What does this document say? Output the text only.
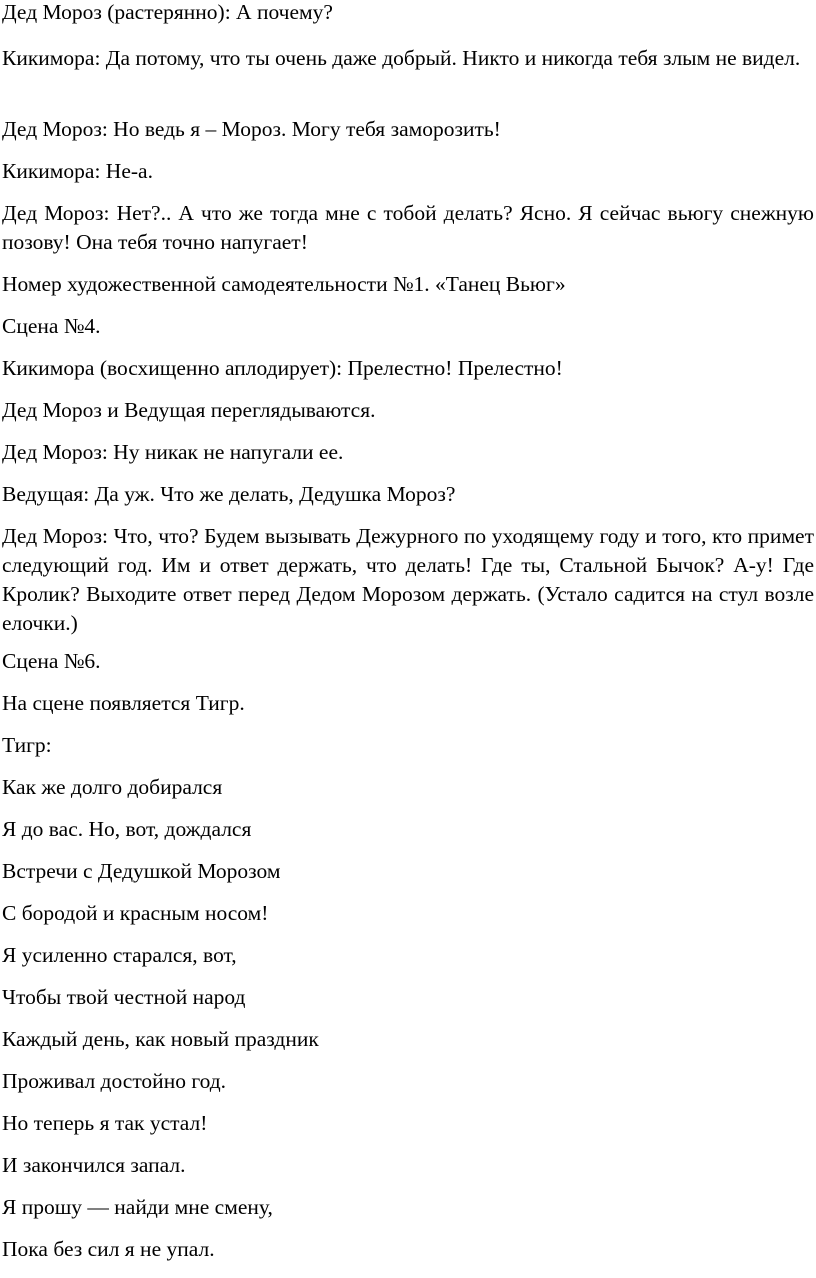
Дед Мороз (растерянно): А почему?

Кикимора: Да потому, что ты очень даже добрый. Никто и никогда тебя злым не видел.

Дед Мороз: Но ведь я – Мороз. Могу тебя заморозить!

Кикимора: Не-а.

Дед Мороз: Нет?.. А что же тогда мне с тобой делать? Ясно. Я сейчас вьюгу снежную позову! Она тебя точно напугает!

Номер художественной самодеятельности №1. «Танец Вьюг»

Сцена №4.

Кикимора (восхищенно аплодирует): Прелестно! Прелестно!

Дед Мороз и Ведущая переглядываются.

Дед Мороз: Ну никак не напугали ее.

Ведущая: Да уж. Что же делать, Дедушка Мороз?

Дед Мороз: Что, что? Будем вызывать Дежурного по уходящему году и того, кто примет следующий год. Им и ответ держать, что делать! Где ты, Стальной Бычок? А-у! Где Кролик? Выходите ответ перед Дедом Морозом держать. (Устало садится на стул возле елочки.)

Сцена №6.

На сцене появляется Тигр.

Тигр:

Как же долго добирался

Я до вас. Но, вот, дождался

Встречи с Дедушкой Морозом

С бородой и красным носом!

Я усиленно старался, вот,

Чтобы твой честной народ

Каждый день, как новый праздник

Проживал достойно год.

Но теперь я так устал!

И закончился запал.

Я прошу — найди мне смену,

Пока без сил я не упал.
